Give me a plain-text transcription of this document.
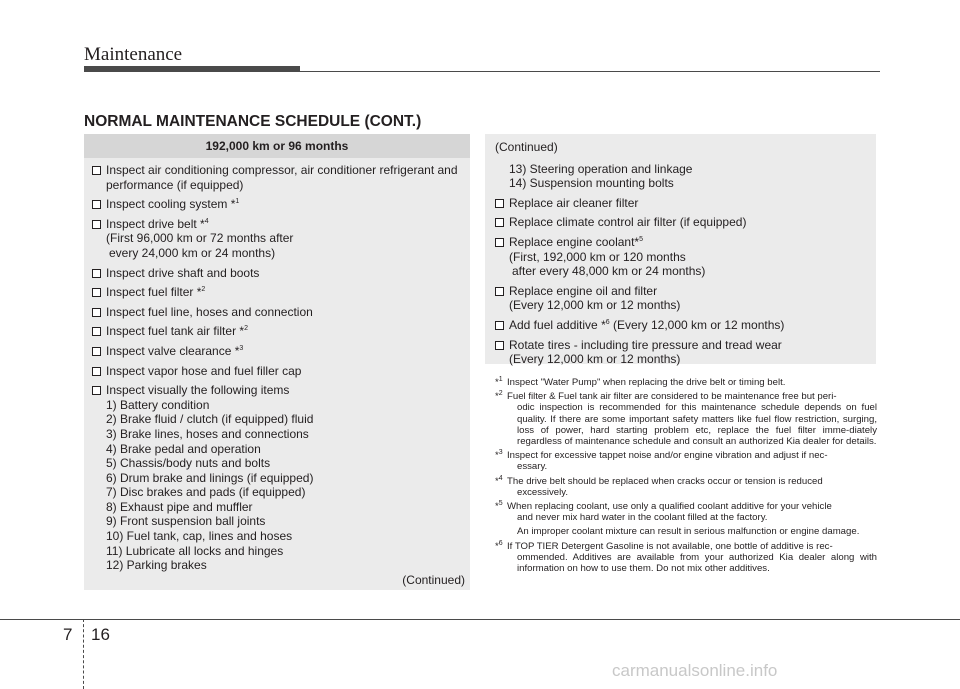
Maintenance
NORMAL MAINTENANCE SCHEDULE (CONT.)
192,000 km or 96 months
Inspect air conditioning compressor, air conditioner refrigerant and
performance (if equipped)
Inspect cooling system *$^1$
Inspect drive belt *$^4$
(First 96,000 km or 72 months after
every 24,000 km or 24 months)
Inspect drive shaft and boots
Inspect fuel filter *$^2$
Inspect fuel line, hoses and connection
Inspect fuel tank air filter *$^2$
Inspect valve clearance *$^3$
Inspect vapor hose and fuel filler cap
Inspect visually the following items
1) Battery condition
2) Brake fluid / clutch (if equipped) fluid
3) Brake lines, hoses and connections
4) Brake pedal and operation
5) Chassis/body nuts and bolts
6) Drum brake and linings (if equipped)
7) Disc brakes and pads (if equipped)
8) Exhaust pipe and muffler
9) Front suspension ball joints
10) Fuel tank, cap, lines and hoses
11) Lubricate all locks and hinges
12) Parking brakes
(Continued)
(Continued)
13) Steering operation and linkage
14) Suspension mounting bolts
Replace air cleaner filter
Replace climate control air filter (if equipped)
Replace engine coolant*$^5$
(First, 192,000 km or 120 months
after every 48,000 km or 24 months)
Replace engine oil and filter
(Every 12,000 km or 12 months)
Add fuel additive *$^6$ (Every 12,000 km or 12 months)
Rotate tires - including tire pressure and tread wear
(Every 12,000 km or 12 months)
*$^1$ Inspect "Water Pump" when replacing the drive belt or timing belt.
*$^2$ Fuel filter & Fuel tank air filter are considered to be maintenance free but peri-
odic inspection is recommended for this maintenance schedule depends on fuel quality. If there are some important safety matters like fuel flow restriction, surging, loss of power, hard starting problem etc, replace the fuel filter imme-diately regardless of maintenance schedule and consult an authorized Kia dealer for details.
*$^3$ Inspect for excessive tappet noise and/or engine vibration and adjust if nec-
essary.
*$^4$ The drive belt should be replaced when cracks occur or tension is reduced
excessively.
*$^5$ When replacing coolant, use only a qualified coolant additive for your vehicle
and never mix hard water in the coolant filled at the factory.
An improper coolant mixture can result in serious malfunction or engine damage.
*$^6$ If TOP TIER Detergent Gasoline is not available, one bottle of additive is rec-
ommended. Additives are available from your authorized Kia dealer along with information on how to use them. Do not mix other additives.
7 16
carmanualsonline.info
